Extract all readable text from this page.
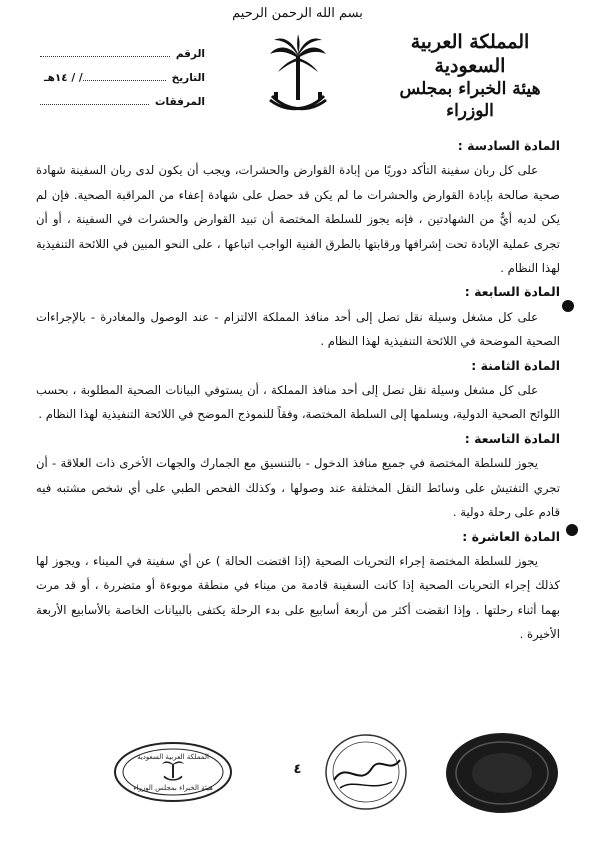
بسم الله الرحمن الرحيم
المملكة العربية السعودية
هيئة الخبراء بمجلس الوزراء
الرقم
التاريخ
/ / ١٤هـ
المرفقات
المادة السادسة :

على كل ربان سفينة التأكد دوريًا من إبادة القوارض والحشرات، ويجب أن يكون لدى ربان السفينة شهادة صحية صالحة بإبادة القوارض والحشرات ما لم يكن قد حصل على شهادة إعفاء من المراقبة الصحية. فإن لم يكن لديه أيٌّ من الشهادتين ، فإنه يجوز للسلطة المختصة أن تبيد القوارض والحشرات في السفينة ، أو أن تجرى عملية الإبادة تحت إشرافها ورقابتها بالطرق الفنية الواجب اتباعها ، على النحو المبين في اللائحة التنفيذية لهذا النظام .

المادة السابعة :

على كل مشغل وسيلة نقل تصل إلى أحد منافذ المملكة الالتزام - عند الوصول والمغادرة - بالإجراءات الصحية الموضحة في اللائحة التنفيذية لهذا النظام .

المادة الثامنة :

على كل مشغل وسيلة نقل تصل إلى أحد منافذ المملكة ، أن يستوفي البيانات الصحية المطلوبة ، بحسب اللوائح الصحية الدولية، ويسلمها إلى السلطة المختصة، وفقاً للنموذج الموضح في اللائحة التنفيذية لهذا النظام .

المادة التاسعة :

يجوز للسلطة المختصة في جميع منافذ الدخول - بالتنسيق مع الجمارك والجهات الأخرى ذات العلاقة - أن تجري التفتيش على وسائط النقل المختلفة عند وصولها ، وكذلك الفحص الطبي على أي شخص مشتبه فيه قادم على رحلة دولية .

المادة العاشرة :

يجوز للسلطة المختصة إجراء التحريات الصحية (إذا اقتضت الحالة ) عن أي سفينة في الميناء ، ويجوز لها كذلك إجراء التحريات الصحية إذا كانت السفينة قادمة من ميناء في منطقة موبوءة أو متضررة ، أو قد مرت بهما أثناء رحلتها . وإذا انقضت أكثر من أربعة أسابيع على بدء الرحلة يكتفى بالبيانات الخاصة بالأسابيع الأربعة الأخيرة .

٤
المملكة العربية السعودية
هيئة الخبراء بمجلس الوزراء
